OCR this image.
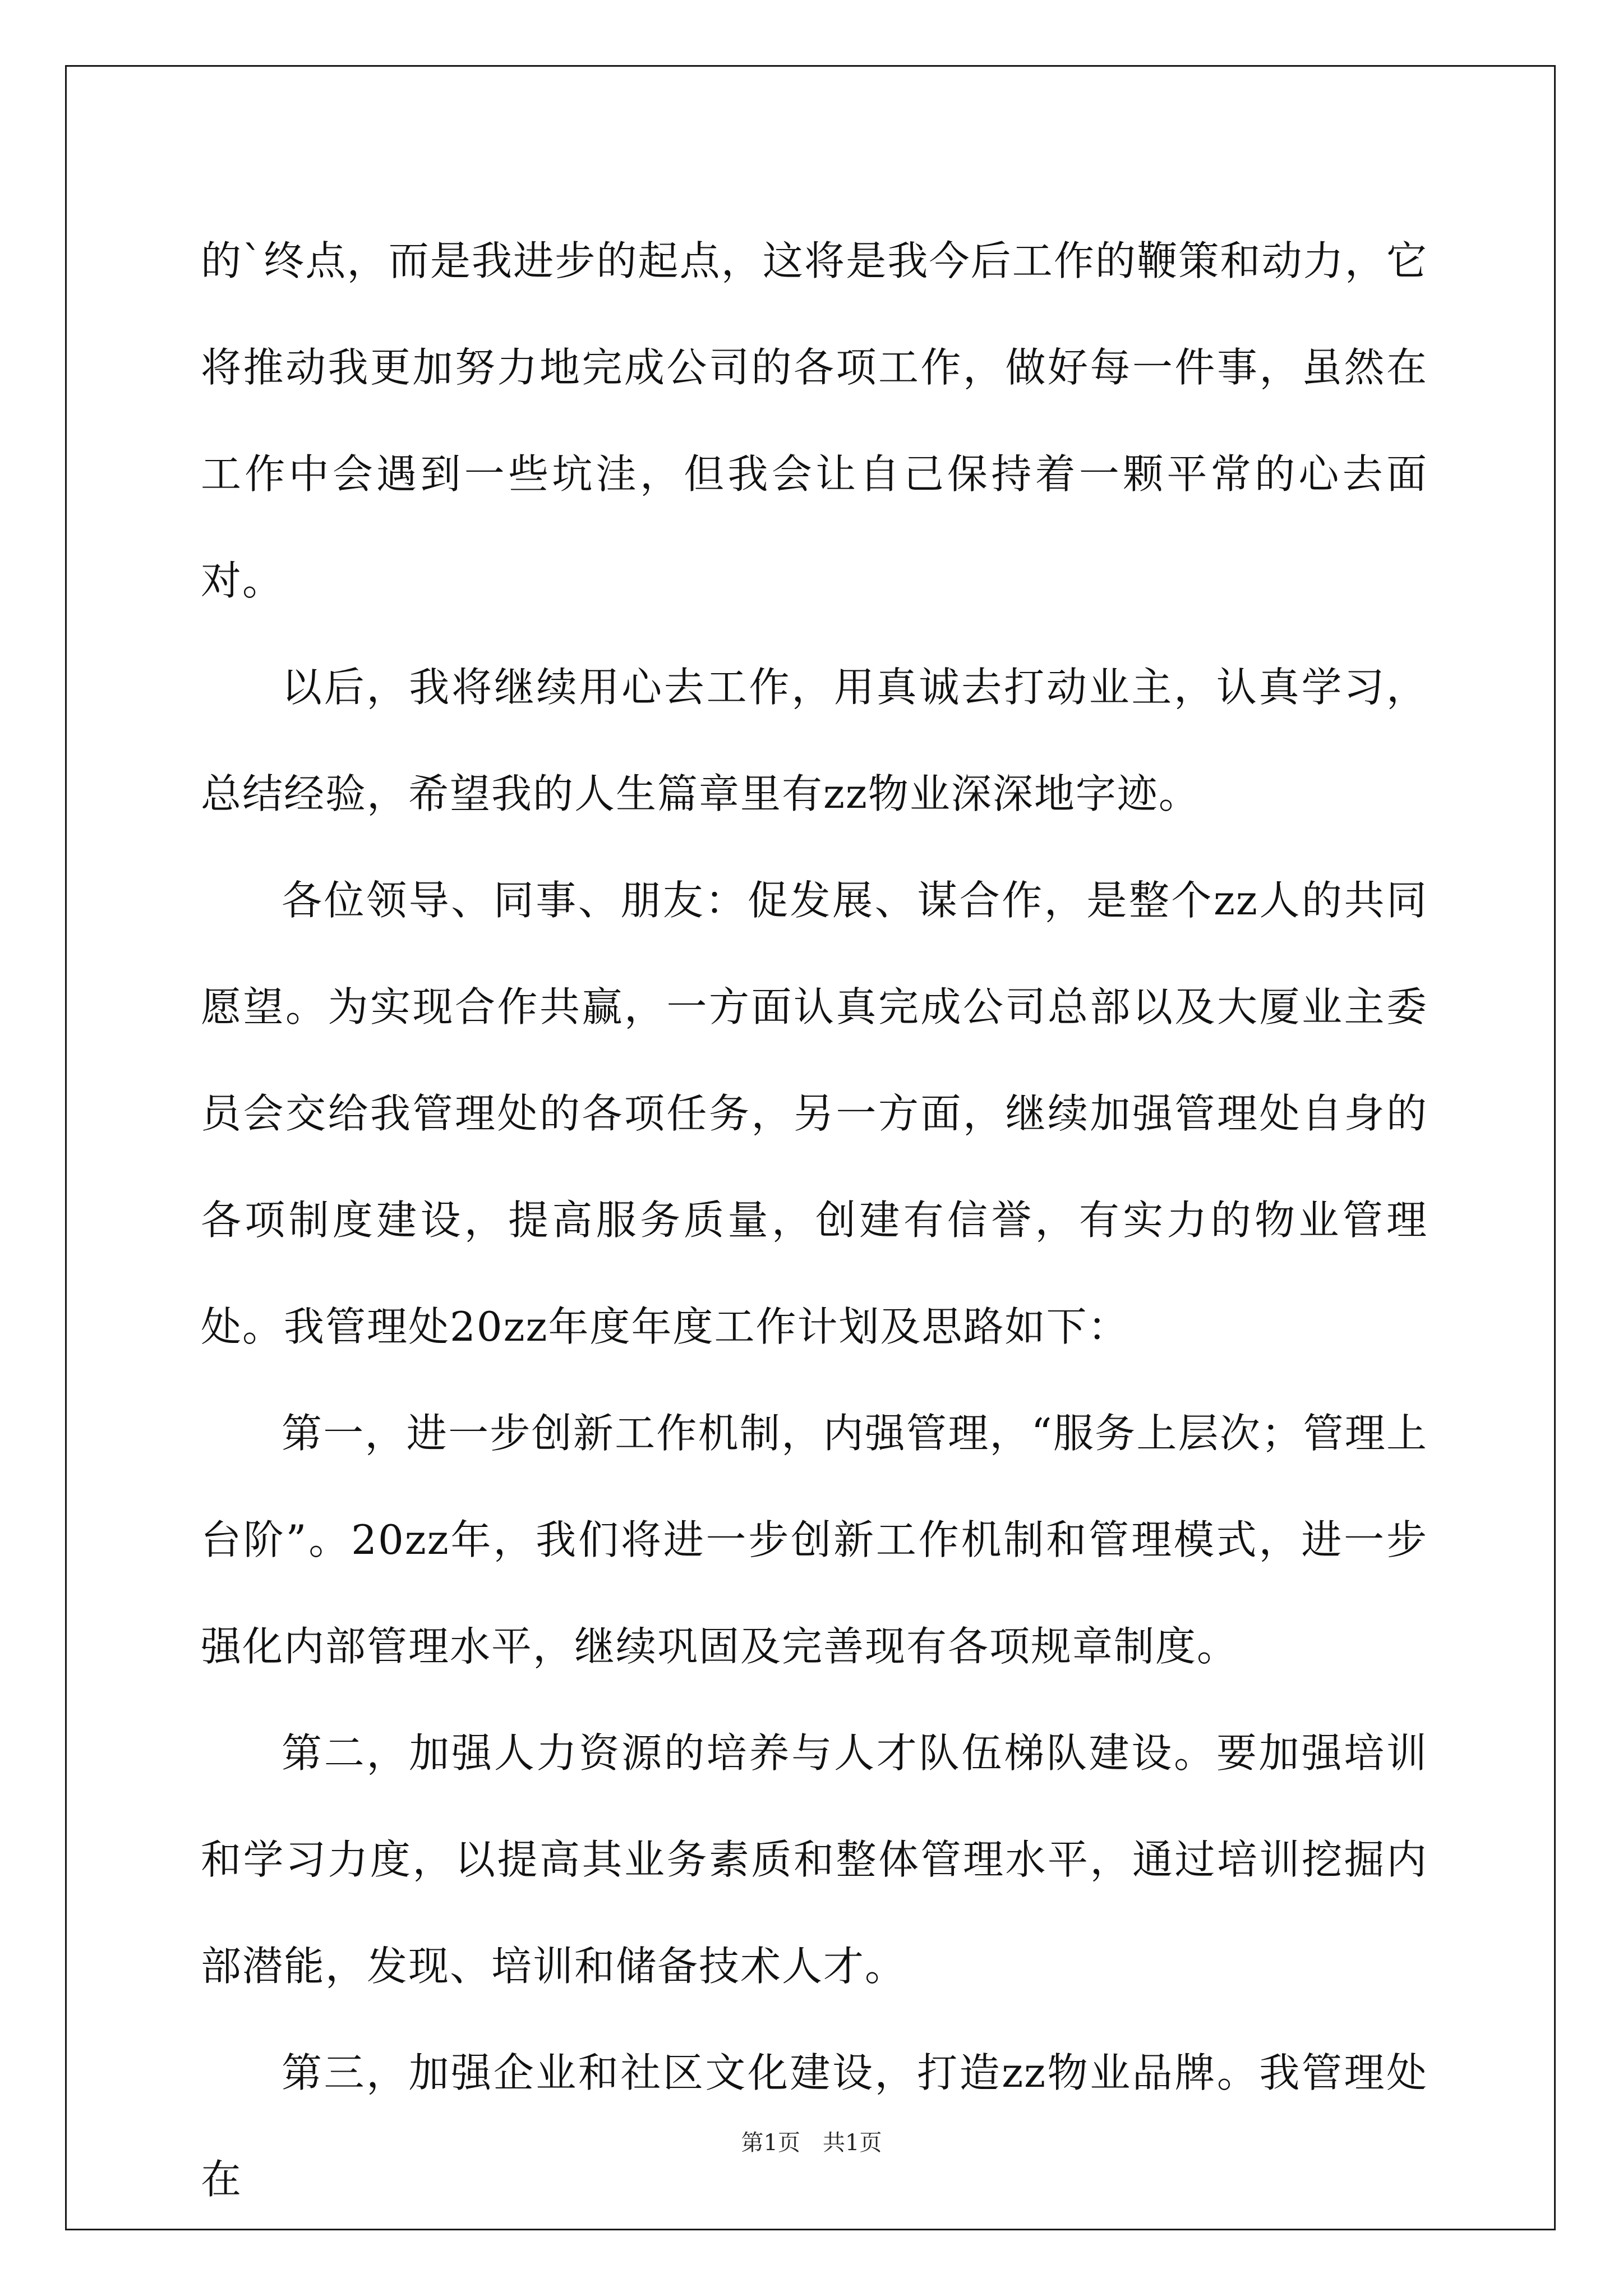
的`终点，而是我进步的起点，这将是我今后工作的鞭策和动力，它将推动我更加努力地完成公司的各项工作，做好每一件事，虽然在工作中会遇到一些坑洼，但我会让自己保持着一颗平常的心去面对。

以后，我将继续用心去工作，用真诚去打动业主，认真学习，总结经验，希望我的人生篇章里有zz物业深深地字迹。

各位领导、同事、朋友：促发展、谋合作，是整个zz人的共同愿望。为实现合作共赢，一方面认真完成公司总部以及大厦业主委员会交给我管理处的各项任务，另一方面，继续加强管理处自身的各项制度建设，提高服务质量，创建有信誉，有实力的物业管理处。我管理处20zz年度年度工作计划及思路如下：

第一，进一步创新工作机制，内强管理，“服务上层次；管理上台阶”。20zz年，我们将进一步创新工作机制和管理模式，进一步强化内部管理水平，继续巩固及完善现有各项规章制度。

第二，加强人力资源的培养与人才队伍梯队建设。要加强培训和学习力度，以提高其业务素质和整体管理水平，通过培训挖掘内部潜能，发现、培训和储备技术人才。

第三，加强企业和社区文化建设，打造zz物业品牌。我管理处在

第1页　共1页
